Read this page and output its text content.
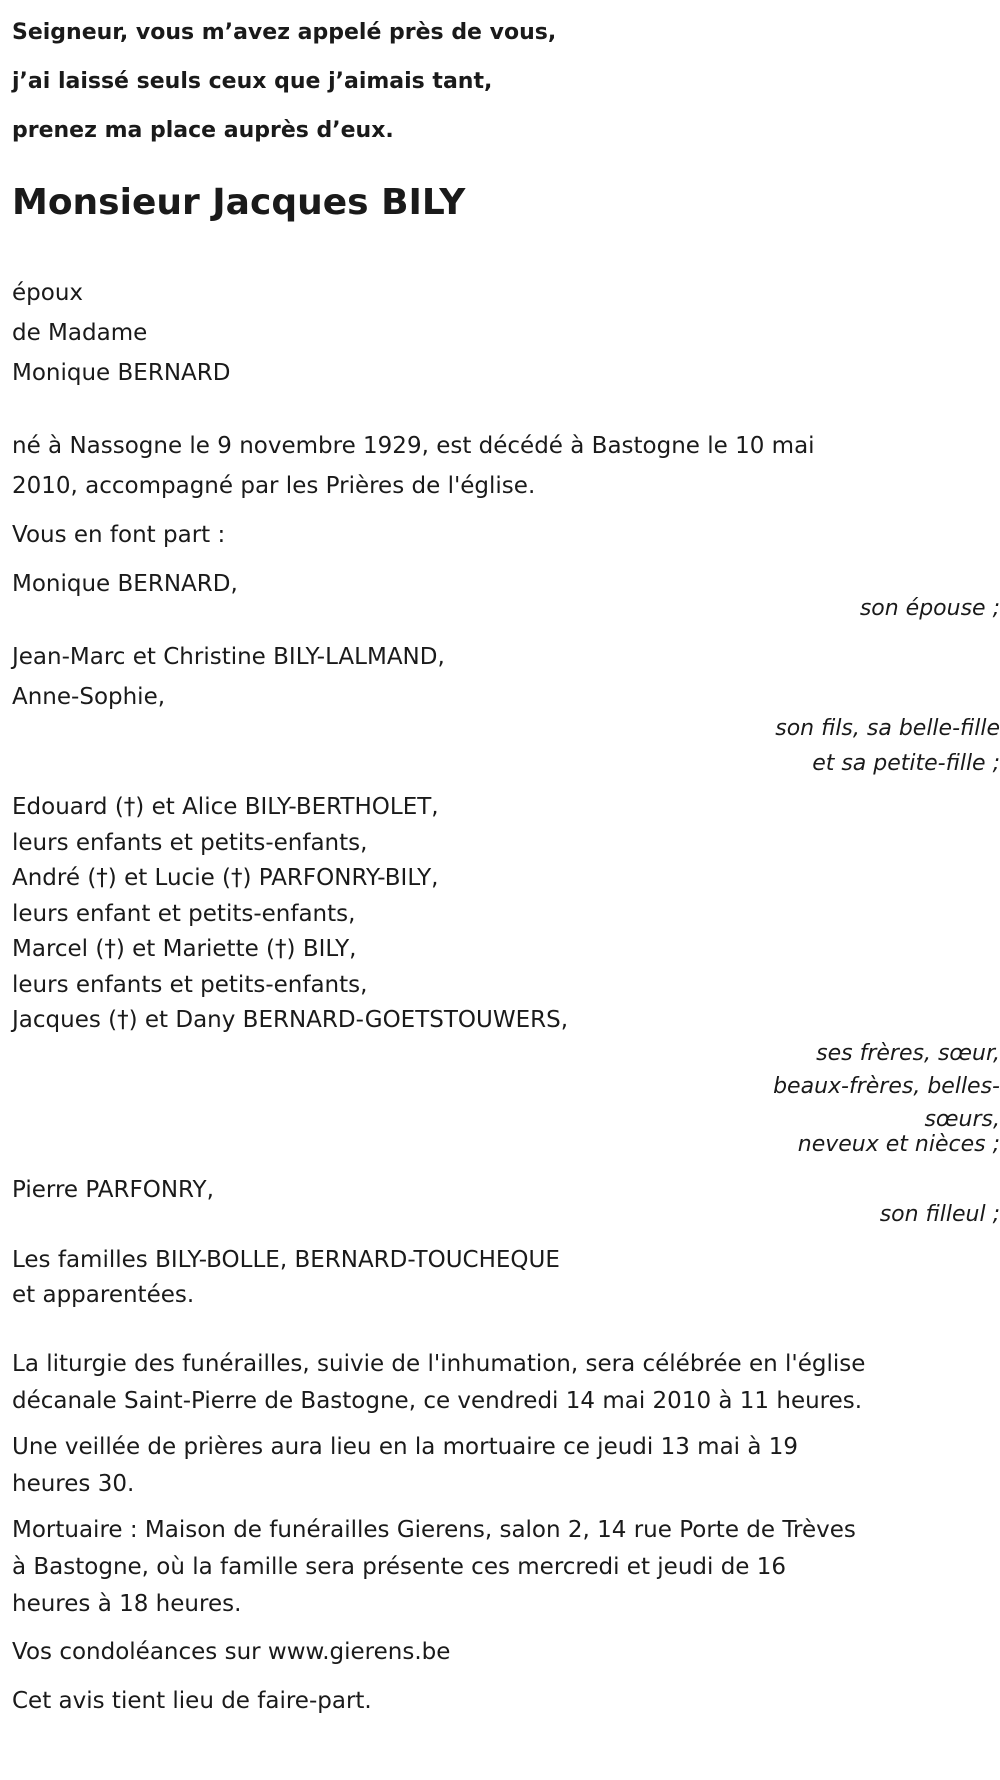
Seigneur, vous m’avez appelé près de vous,
j’ai laissé seuls ceux que j’aimais tant,
prenez ma place auprès d’eux.
Monsieur Jacques BILY
époux
de Madame
Monique BERNARD
né à Nassogne le 9 novembre 1929, est décédé à Bastogne le 10 mai
2010, accompagné par les Prières de l'église.
Vous en font part :
Monique BERNARD,
son épouse ;
Jean-Marc et Christine BILY-LALMAND,
Anne-Sophie,
son fils, sa belle-fille
et sa petite-fille ;
Edouard (†) et Alice BILY-BERTHOLET,
leurs enfants et petits-enfants,
André (†) et Lucie (†) PARFONRY-BILY,
leurs enfant et petits-enfants,
Marcel (†) et Mariette (†) BILY,
leurs enfants et petits-enfants,
Jacques (†) et Dany BERNARD-GOETSTOUWERS,
ses frères, sœur,
beaux-frères, belles-sœurs,
neveux et nièces ;
Pierre PARFONRY,
son filleul ;
Les familles BILY-BOLLE, BERNARD-TOUCHEQUE
et apparentées.
La liturgie des funérailles, suivie de l'inhumation, sera célébrée en l'église
décanale Saint-Pierre de Bastogne, ce vendredi 14 mai 2010 à 11 heures.
Une veillée de prières aura lieu en la mortuaire ce jeudi 13 mai à 19
heures 30.
Mortuaire : Maison de funérailles Gierens, salon 2, 14 rue Porte de Trèves
à Bastogne, où la famille sera présente ces mercredi et jeudi de 16
heures à 18 heures.
Vos condoléances sur www.gierens.be
Cet avis tient lieu de faire-part.
